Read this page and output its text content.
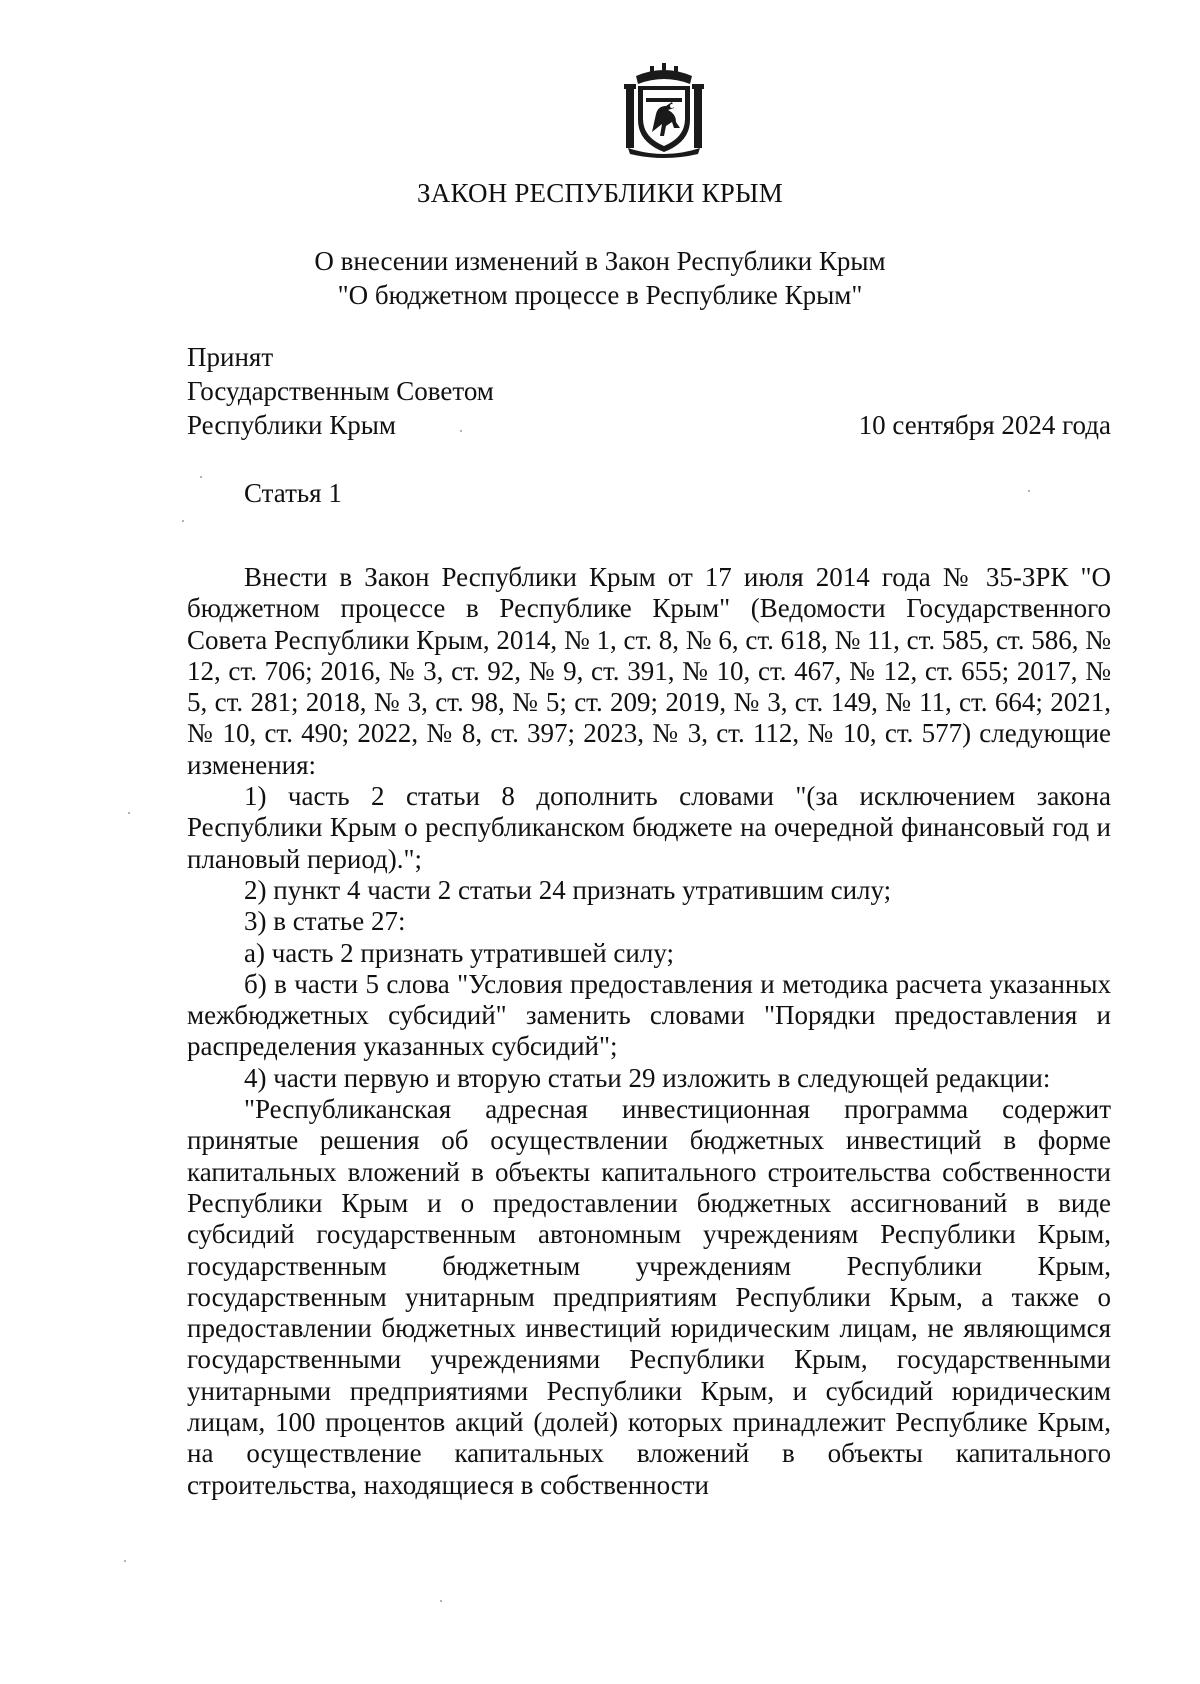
ЗАКОН РЕСПУБЛИКИ КРЫМ
О внесении изменений в Закон Республики Крым
"О бюджетном процессе в Республике Крым"
Принят
Государственным Советом
Республики Крым	10 сентября 2024 года
Статья 1

Внести в Закон Республики Крым от 17 июля 2014 года № 35-ЗРК "О бюджетном процессе в Республике Крым" (Ведомости Государственного Совета Республики Крым, 2014, № 1, ст. 8, № 6, ст. 618, № 11, ст. 585, ст. 586, № 12, ст. 706; 2016, № 3, ст. 92, № 9, ст. 391, № 10, ст. 467, № 12, ст. 655; 2017, № 5, ст. 281; 2018, № 3, ст. 98, № 5; ст. 209; 2019, № 3, ст. 149, № 11, ст. 664; 2021, № 10, ст. 490; 2022, № 8, ст. 397; 2023, № 3, ст. 112, № 10, ст. 577) следующие изменения:

1) часть 2 статьи 8 дополнить словами "(за исключением закона Республики Крым о республиканском бюджете на очередной финансовый год и плановый период).";

2) пункт 4 части 2 статьи 24 признать утратившим силу;

3) в статье 27:

а) часть 2 признать утратившей силу;

б) в части 5 слова "Условия предоставления и методика расчета указанных межбюджетных субсидий" заменить словами "Порядки предоставления и распределения указанных субсидий";

4) части первую и вторую статьи 29 изложить в следующей редакции:

"Республиканская адресная инвестиционная программа содержит принятые решения об осуществлении бюджетных инвестиций в форме капитальных вложений в объекты капитального строительства собственности Республики Крым и о предоставлении бюджетных ассигнований в виде субсидий государственным автономным учреждениям Республики Крым, государственным бюджетным учреждениям Республики Крым, государственным унитарным предприятиям Республики Крым, а также о предоставлении бюджетных инвестиций юридическим лицам, не являющимся государственными учреждениями Республики Крым, государственными унитарными предприятиями Республики Крым, и субсидий юридическим лицам, 100 процентов акций (долей) которых принадлежит Республике Крым, на осуществление капитальных вложений в объекты капитального строительства, находящиеся в собственности
